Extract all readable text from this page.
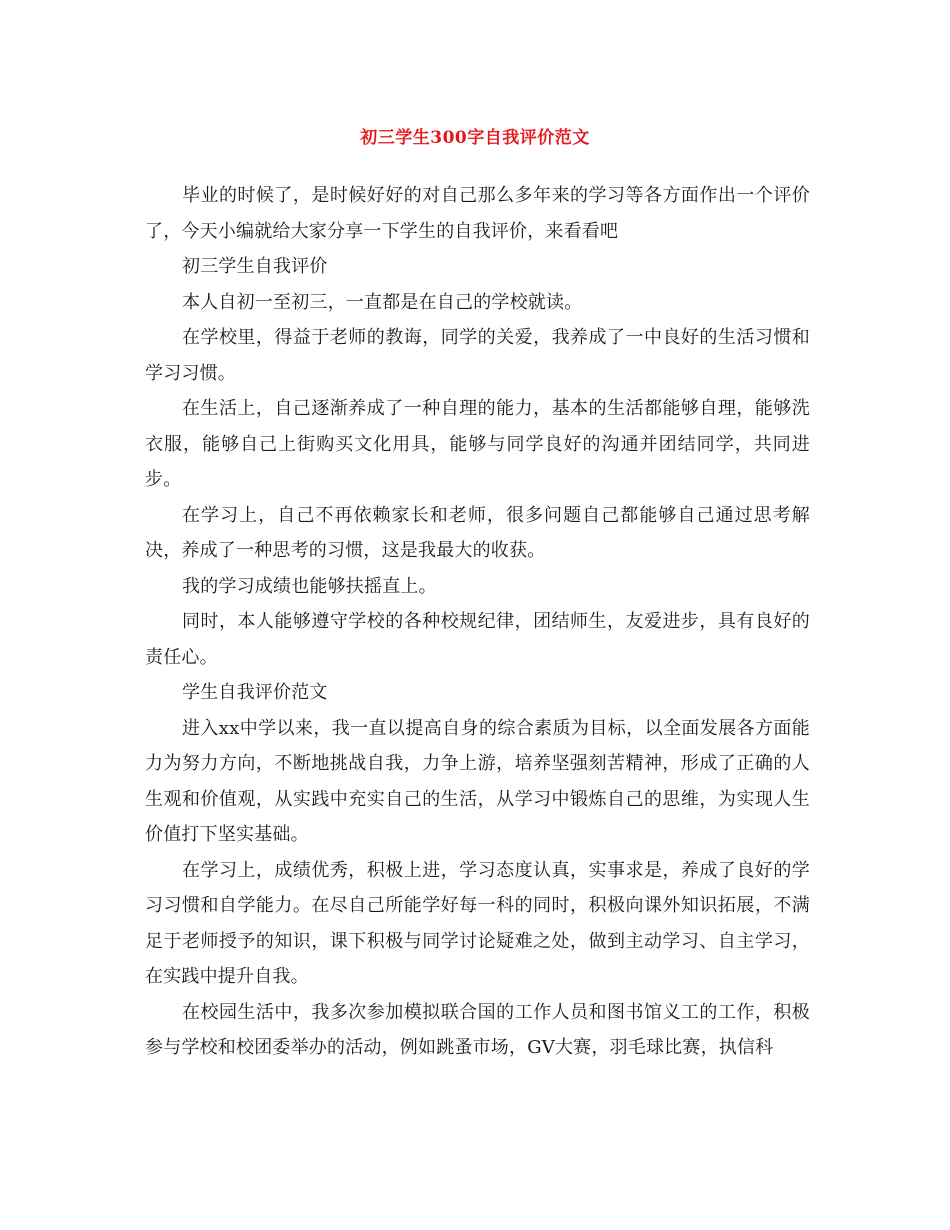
初三学生300字自我评价范文

毕业的时候了，是时候好好的对自己那么多年来的学习等各方面作出一个评价了，今天小编就给大家分享一下学生的自我评价，来看看吧

初三学生自我评价

本人自初一至初三，一直都是在自己的学校就读。

在学校里，得益于老师的教诲，同学的关爱，我养成了一中良好的生活习惯和学习习惯。

在生活上，自己逐渐养成了一种自理的能力，基本的生活都能够自理，能够洗衣服，能够自己上街购买文化用具，能够与同学良好的沟通并团结同学，共同进步。

在学习上，自己不再依赖家长和老师，很多问题自己都能够自己通过思考解决，养成了一种思考的习惯，这是我最大的收获。

我的学习成绩也能够扶摇直上。

同时，本人能够遵守学校的各种校规纪律，团结师生，友爱进步，具有良好的责任心。

学生自我评价范文

进入xx中学以来，我一直以提高自身的综合素质为目标，以全面发展各方面能力为努力方向，不断地挑战自我，力争上游，培养坚强刻苦精神，形成了正确的人生观和价值观，从实践中充实自己的生活，从学习中锻炼自己的思维，为实现人生价值打下坚实基础。

在学习上，成绩优秀，积极上进，学习态度认真，实事求是，养成了良好的学习习惯和自学能力。在尽自己所能学好每一科的同时，积极向课外知识拓展，不满足于老师授予的知识，课下积极与同学讨论疑难之处，做到主动学习、自主学习，在实践中提升自我。

在校园生活中，我多次参加模拟联合国的工作人员和图书馆义工的工作，积极参与学校和校团委举办的活动，例如跳蚤市场，GV大赛，羽毛球比赛，执信科
